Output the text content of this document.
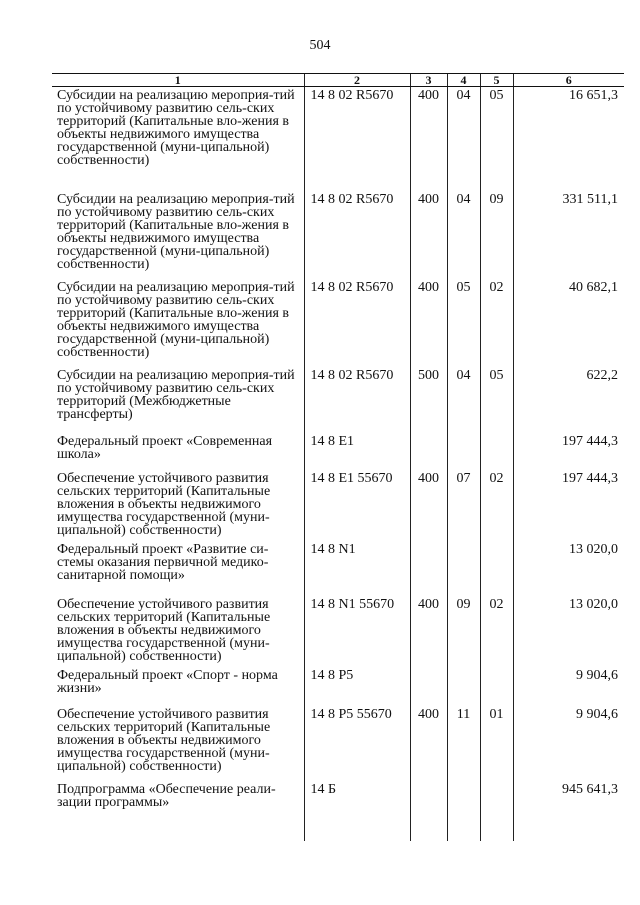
504
1	2	3	4	5	6
Субсидии на реализацию мероприя-тий по устойчивому развитию сель-ских территорий (Капитальные вло-жения в объекты недвижимого имущества государственной (муни-ципальной) собственности)	14 8 02 R5670	400	04	05	16 651,3
Субсидии на реализацию мероприя-тий по устойчивому развитию сель-ских территорий (Капитальные вло-жения в объекты недвижимого имущества государственной (муни-ципальной) собственности)	14 8 02 R5670	400	04	09	331 511,1
Субсидии на реализацию мероприя-тий по устойчивому развитию сель-ских территорий (Капитальные вло-жения в объекты недвижимого имущества государственной (муни-ципальной) собственности)	14 8 02 R5670	400	05	02	40 682,1
Субсидии на реализацию мероприя-тий по устойчивому развитию сель-ских территорий (Межбюджетные трансферты)	14 8 02 R5670	500	04	05	622,2
Федеральный проект «Современная школа»	14 8 E1				197 444,3
Обеспечение устойчивого развития сельских территорий (Капитальные вложения в объекты недвижимого имущества государственной (муни-ципальной) собственности)	14 8 E1 55670	400	07	02	197 444,3
Федеральный проект «Развитие си-стемы оказания первичной медико-санитарной помощи»	14 8 N1				13 020,0
Обеспечение устойчивого развития сельских территорий (Капитальные вложения в объекты недвижимого имущества государственной (муни-ципальной) собственности)	14 8 N1 55670	400	09	02	13 020,0
Федеральный проект «Спорт - норма жизни»	14 8 P5				9 904,6
Обеспечение устойчивого развития сельских территорий (Капитальные вложения в объекты недвижимого имущества государственной (муни-ципальной) собственности)	14 8 P5 55670	400	11	01	9 904,6
Подпрограмма «Обеспечение реали-зации программы»	14 Б				945 641,3
